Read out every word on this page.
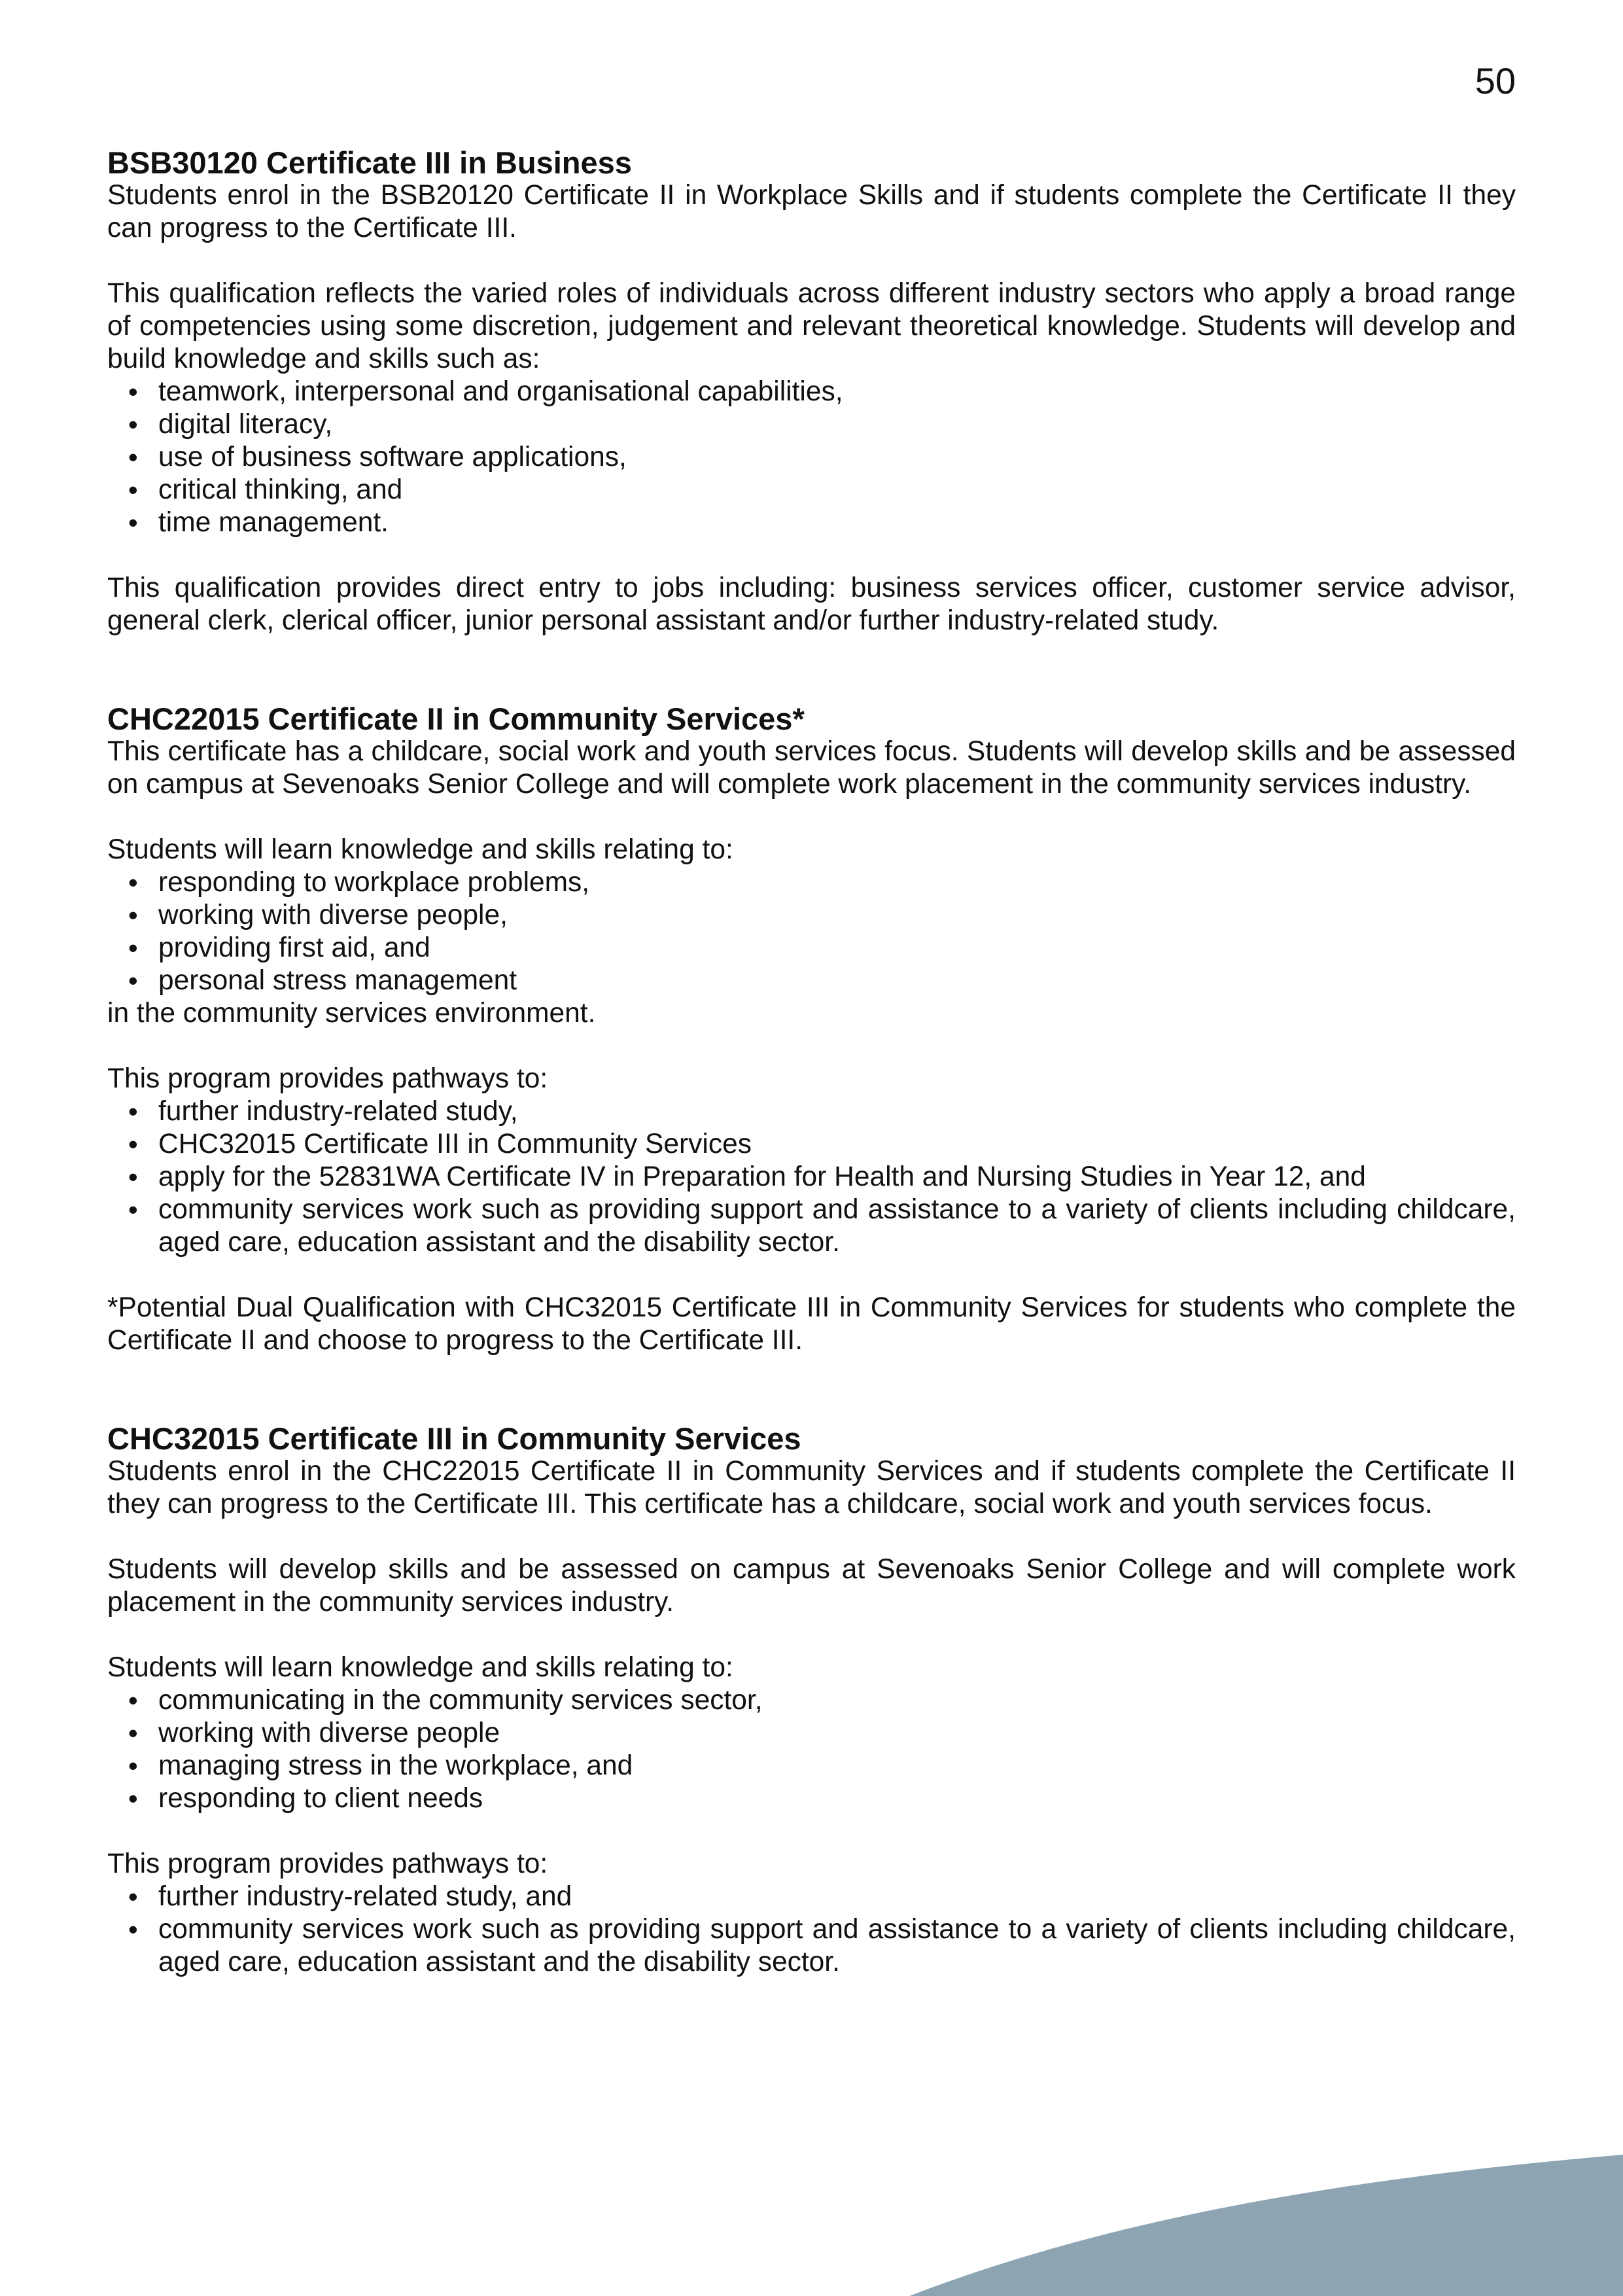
50
BSB30120 Certificate III in Business

Students enrol in the BSB20120 Certificate II in Workplace Skills and if students complete the Certificate II they can progress to the Certificate III.

This qualification reflects the varied roles of individuals across different industry sectors who apply a broad range of competencies using some discretion, judgement and relevant theoretical knowledge. Students will develop and build knowledge and skills such as:

• teamwork, interpersonal and organisational capabilities,
• digital literacy,
• use of business software applications,
• critical thinking, and
• time management.

This qualification provides direct entry to jobs including: business services officer, customer service advisor, general clerk, clerical officer, junior personal assistant and/or further industry-related study.

CHC22015 Certificate II in Community Services*

This certificate has a childcare, social work and youth services focus. Students will develop skills and be assessed on campus at Sevenoaks Senior College and will complete work placement in the community services industry.

Students will learn knowledge and skills relating to:

• responding to workplace problems,
• working with diverse people,
• providing first aid, and
• personal stress management

in the community services environment.

This program provides pathways to:

• further industry-related study,
• CHC32015 Certificate III in Community Services
• apply for the 52831WA Certificate IV in Preparation for Health and Nursing Studies in Year 12, and
• community services work such as providing support and assistance to a variety of clients including childcare, aged care, education assistant and the disability sector.

*Potential Dual Qualification with CHC32015 Certificate III in Community Services for students who complete the Certificate II and choose to progress to the Certificate III.

CHC32015 Certificate III in Community Services

Students enrol in the CHC22015 Certificate II in Community Services and if students complete the Certificate II they can progress to the Certificate III. This certificate has a childcare, social work and youth services focus.

Students will develop skills and be assessed on campus at Sevenoaks Senior College and will complete work placement in the community services industry.

Students will learn knowledge and skills relating to:

• communicating in the community services sector,
• working with diverse people
• managing stress in the workplace, and
• responding to client needs

This program provides pathways to:

• further industry-related study, and
• community services work such as providing support and assistance to a variety of clients including childcare, aged care, education assistant and the disability sector.
